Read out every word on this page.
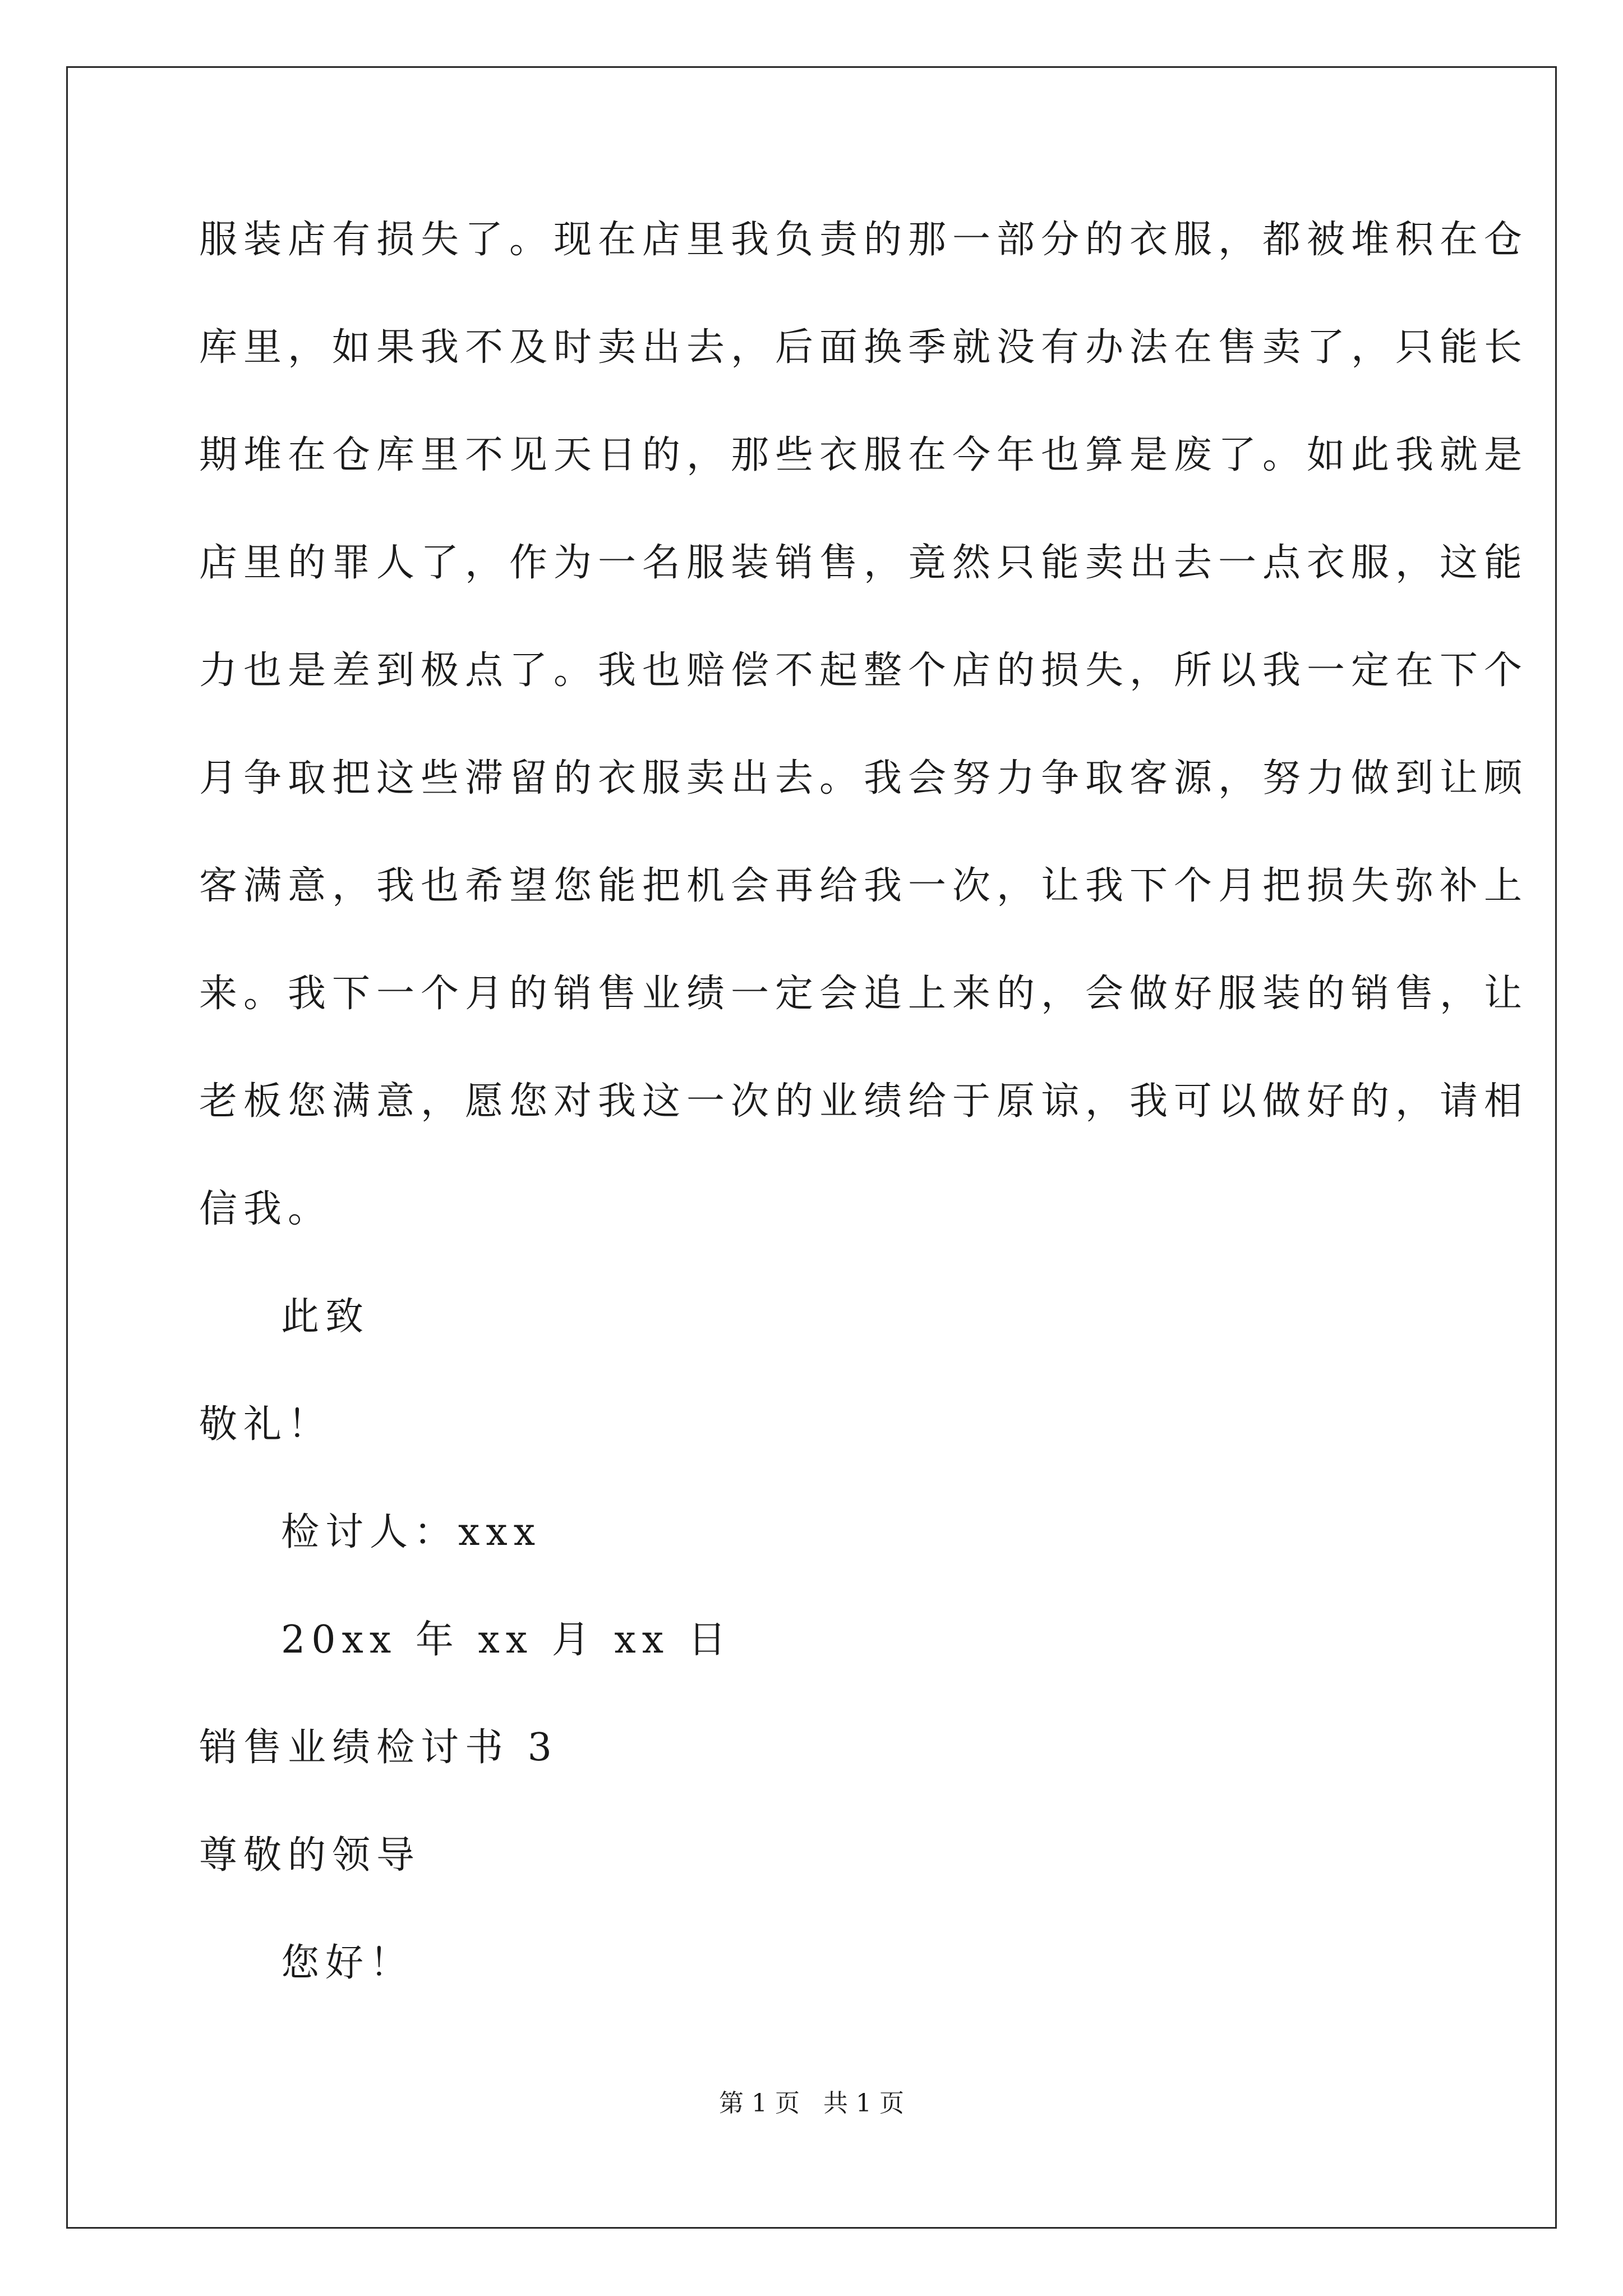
服装店有损失了。现在店里我负责的那一部分的衣服，都被堆积在仓

库里，如果我不及时卖出去，后面换季就没有办法在售卖了，只能长

期堆在仓库里不见天日的，那些衣服在今年也算是废了。如此我就是

店里的罪人了，作为一名服装销售，竟然只能卖出去一点衣服，这能

力也是差到极点了。我也赔偿不起整个店的损失，所以我一定在下个

月争取把这些滞留的衣服卖出去。我会努力争取客源，努力做到让顾

客满意，我也希望您能把机会再给我一次，让我下个月把损失弥补上

来。我下一个月的销售业绩一定会追上来的，会做好服装的销售，让

老板您满意，愿您对我这一次的业绩给于原谅，我可以做好的，请相

信我。

此致

敬礼！

检讨人：xxx

20xx 年 xx 月 xx 日

销售业绩检讨书 3

尊敬的领导

您好！

第 1 页   共 1 页
